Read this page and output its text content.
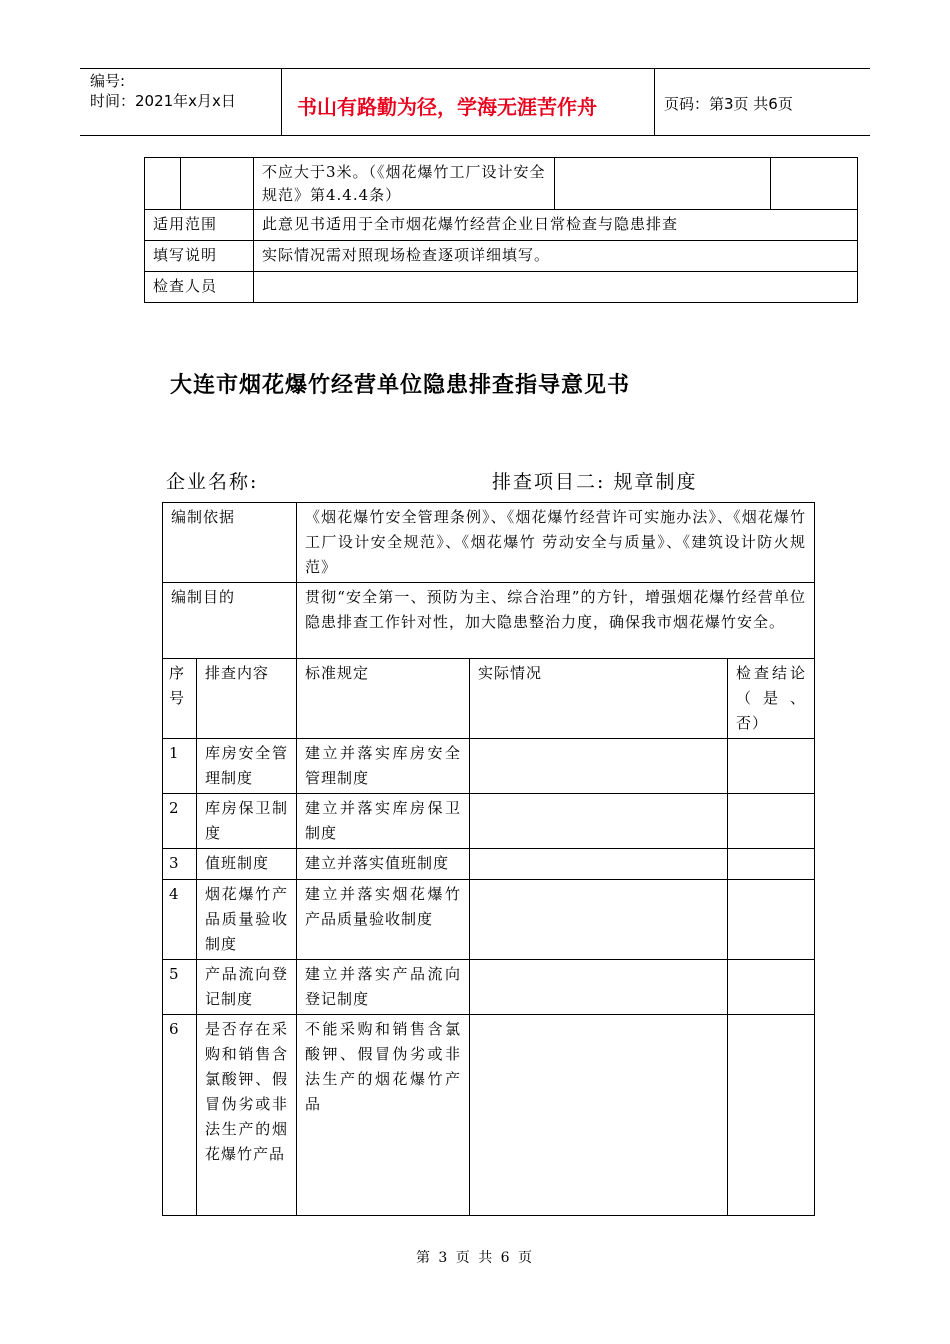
编号:
时间：2021年x月x日	书山有路勤为径，学海无涯苦作舟	页码：第3页 共6页
		不应大于3米。（《烟花爆竹工厂设计安全规范》第4.4.4条）		
适用范围		此意见书适用于全市烟花爆竹经营企业日常检查与隐患排查		
填写说明		实际情况需对照现场检查逐项详细填写。		
检查人员				
大连市烟花爆竹经营单位隐患排查指导意见书
企业名称:	排查项目二: 规章制度
编制依据		《烟花爆竹安全管理条例》、《烟花爆竹经营许可实施办法》、《烟花爆竹工厂设计安全规范》、《烟花爆竹 劳动安全与质量》、《建筑设计防火规范》		
编制目的		贯彻“安全第一、预防为主、综合治理”的方针，增强烟花爆竹经营单位隐患排查工作针对性，加大隐患整治力度，确保我市烟花爆竹安全。		
序号	排查内容	标准规定	实际情况	检查结论（是、否）
1	库房安全管理制度	建立并落实库房安全管理制度		
2	库房保卫制度	建立并落实库房保卫制度		
3	值班制度	建立并落实值班制度		
4	烟花爆竹产品质量验收制度	建立并落实烟花爆竹产品质量验收制度		
5	产品流向登记制度	建立并落实产品流向登记制度		
6	是否存在采购和销售含氯酸钾、假冒伪劣或非法生产的烟花爆竹产品	不能采购和销售含氯酸钾、假冒伪劣或非法生产的烟花爆竹产品		
第 3 页 共 6 页
